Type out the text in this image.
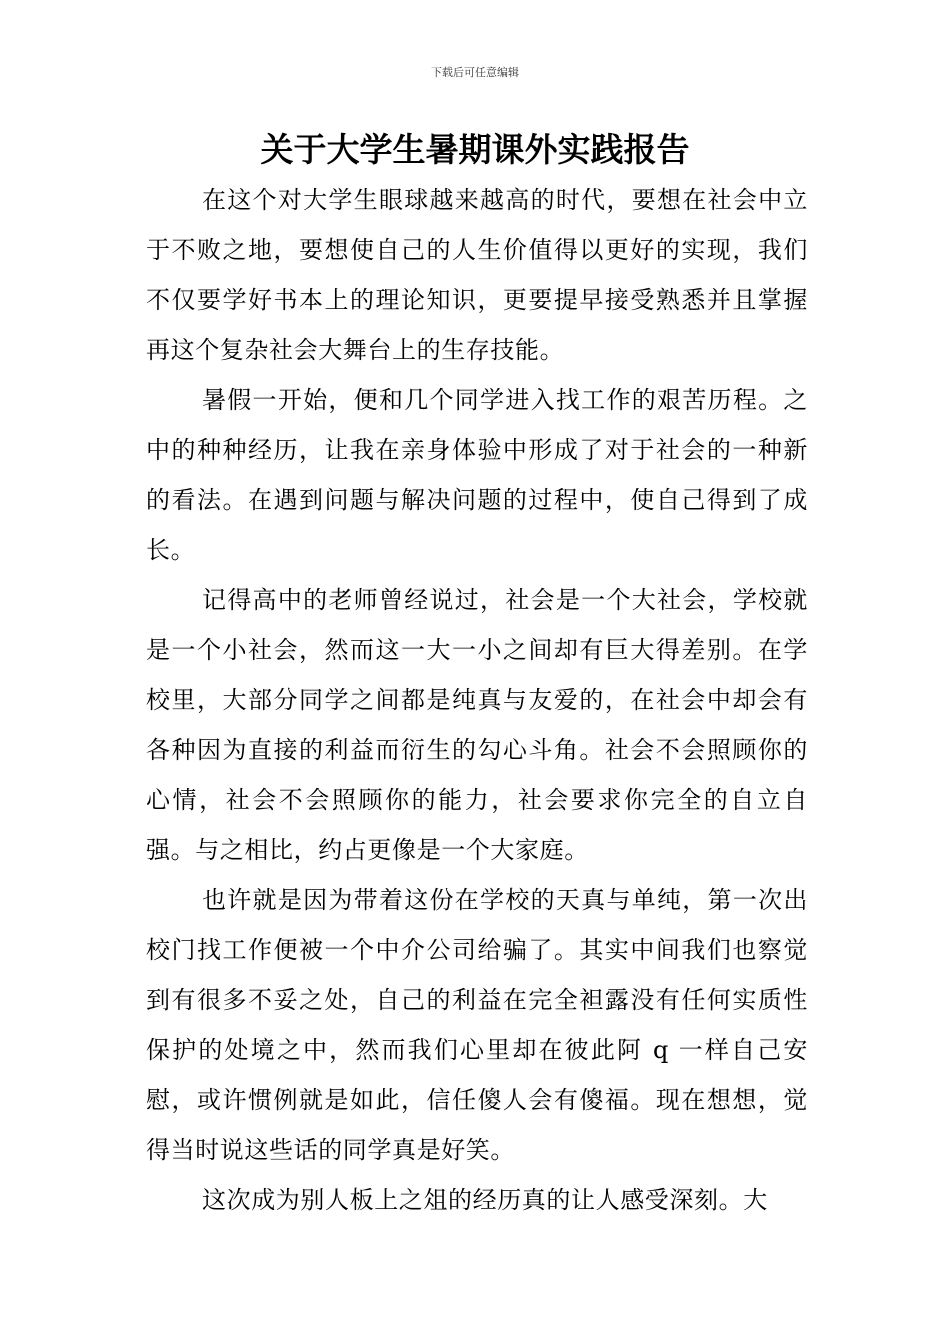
下载后可任意编辑
关于大学生暑期课外实践报告

在这个对大学生眼球越来越高的时代，要想在社会中立于不败之地，要想使自己的人生价值得以更好的实现，我们不仅要学好书本上的理论知识，更要提早接受熟悉并且掌握再这个复杂社会大舞台上的生存技能。

暑假一开始，便和几个同学进入找工作的艰苦历程。之中的种种经历，让我在亲身体验中形成了对于社会的一种新的看法。在遇到问题与解决问题的过程中，使自己得到了成长。

记得高中的老师曾经说过，社会是一个大社会，学校就是一个小社会，然而这一大一小之间却有巨大得差别。在学校里，大部分同学之间都是纯真与友爱的，在社会中却会有各种因为直接的利益而衍生的勾心斗角。社会不会照顾你的心情，社会不会照顾你的能力，社会要求你完全的自立自强。与之相比，约占更像是一个大家庭。

也许就是因为带着这份在学校的天真与单纯，第一次出校门找工作便被一个中介公司给骗了。其实中间我们也察觉到有很多不妥之处，自己的利益在完全袒露没有任何实质性保护的处境之中，然而我们心里却在彼此阿 q 一样自己安慰，或许惯例就是如此，信任傻人会有傻福。现在想想，觉得当时说这些话的同学真是好笑。

这次成为别人板上之俎的经历真的让人感受深刻。大
